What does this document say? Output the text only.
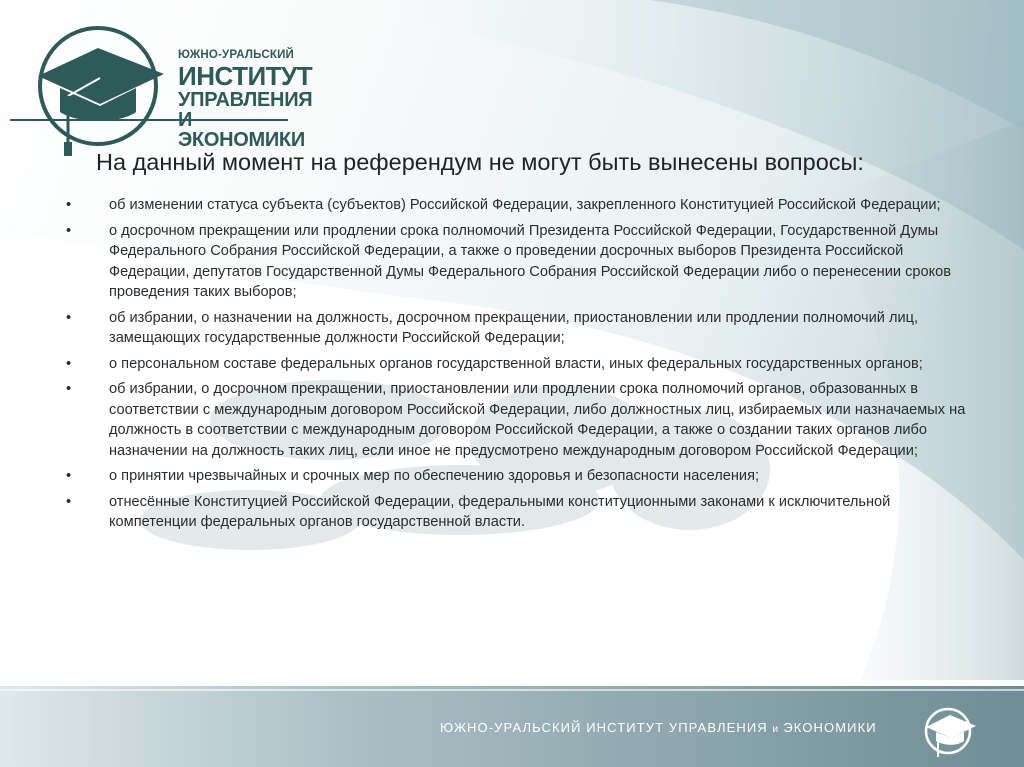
ЮЖНО-УРАЛЬСКИЙ
ИНСТИТУТ
УПРАВЛЕНИЯ
И ЭКОНОМИКИ
На данный момент на референдум не могут быть вынесены вопросы:
•	об изменении статуса субъекта (субъектов) Российской Федерации, закрепленного Конституцией Российской Федерации;
•	о досрочном прекращении или продлении срока полномочий Президента Российской Федерации, Государственной Думы Федерального Собрания Российской Федерации, а также о проведении досрочных выборов Президента Российской Федерации, депутатов Государственной Думы Федерального Собрания Российской Федерации либо о перенесении сроков проведения таких выборов;
•	об избрании, о назначении на должность, досрочном прекращении, приостановлении или продлении полномочий лиц, замещающих государственные должности Российской Федерации;
•	о персональном составе федеральных органов государственной власти, иных федеральных государственных органов;
•	об избрании, о досрочном прекращении, приостановлении или продлении срока полномочий органов, образованных в соответствии с международным договором Российской Федерации, либо должностных лиц, избираемых или назначаемых на должность в соответствии с международным договором Российской Федерации, а также о создании таких органов либо назначении на должность таких лиц, если иное не предусмотрено международным договором Российской Федерации;
•	о принятии чрезвычайных и срочных мер по обеспечению здоровья и безопасности населения;
•	отнесённые Конституцией Российской Федерации, федеральными конституционными законами к исключительной компетенции федеральных органов государственной власти.
ЮЖНО-УРАЛЬСКИЙ ИНСТИТУТ УПРАВЛЕНИЯ и ЭКОНОМИКИ
